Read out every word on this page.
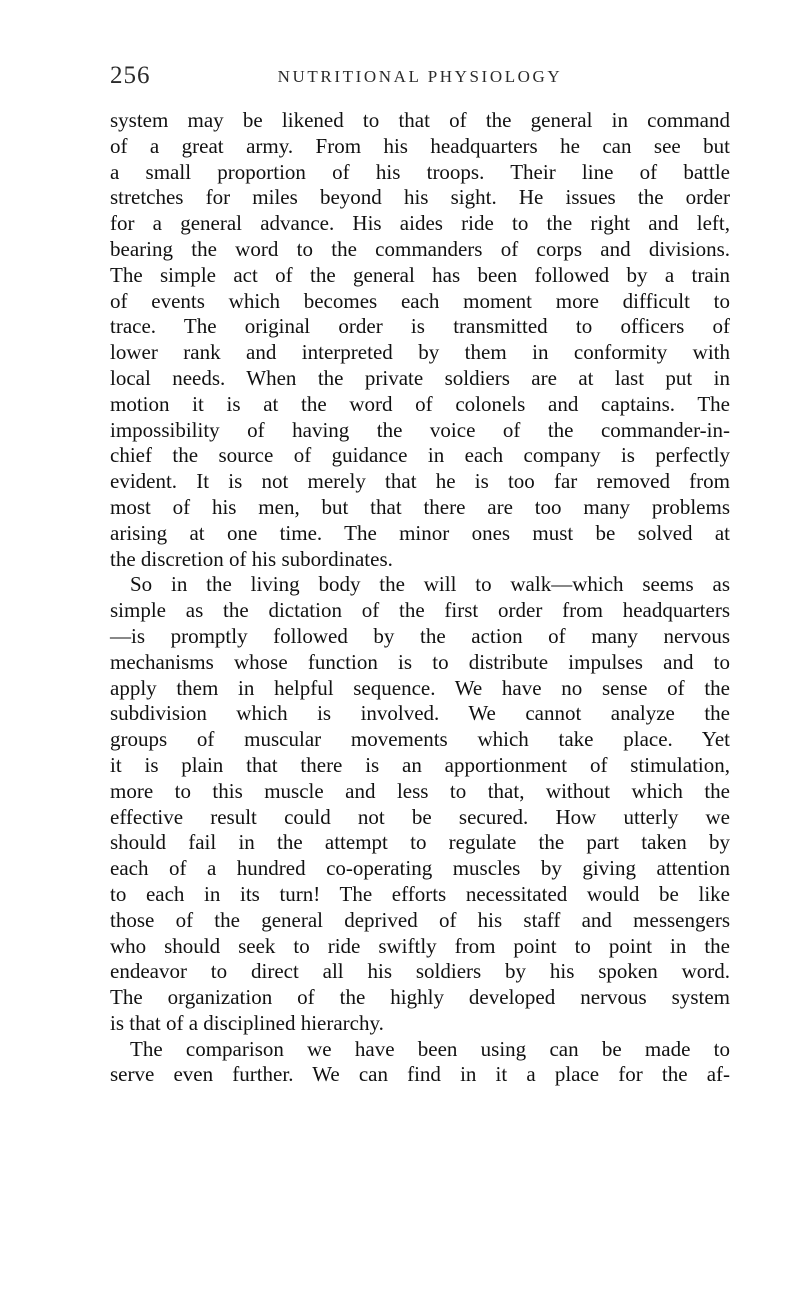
256	NUTRITIONAL PHYSIOLOGY

system may be likened to that of the general in command

of a great army. From his headquarters he can see but

a small proportion of his troops. Their line of battle

stretches for miles beyond his sight. He issues the order

for a general advance. His aides ride to the right and left,

bearing the word to the commanders of corps and divisions.

The simple act of the general has been followed by a train

of events which becomes each moment more difficult to

trace. The original order is transmitted to officers of

lower rank and interpreted by them in conformity with

local needs. When the private soldiers are at last put in

motion it is at the word of colonels and captains. The

impossibility of having the voice of the commander-in-

chief the source of guidance in each company is perfectly

evident. It is not merely that he is too far removed from

most of his men, but that there are too many problems

arising at one time. The minor ones must be solved at

the discretion of his subordinates.

So in the living body the will to walk—which seems as

simple as the dictation of the first order from headquarters

—is promptly followed by the action of many nervous

mechanisms whose function is to distribute impulses and to

apply them in helpful sequence. We have no sense of the

subdivision which is involved. We cannot analyze the

groups of muscular movements which take place. Yet

it is plain that there is an apportionment of stimulation,

more to this muscle and less to that, without which the

effective result could not be secured. How utterly we

should fail in the attempt to regulate the part taken by

each of a hundred co-operating muscles by giving attention

to each in its turn! The efforts necessitated would be like

those of the general deprived of his staff and messengers

who should seek to ride swiftly from point to point in the

endeavor to direct all his soldiers by his spoken word.

The organization of the highly developed nervous system

is that of a disciplined hierarchy.

The comparison we have been using can be made to

serve even further. We can find in it a place for the af-
